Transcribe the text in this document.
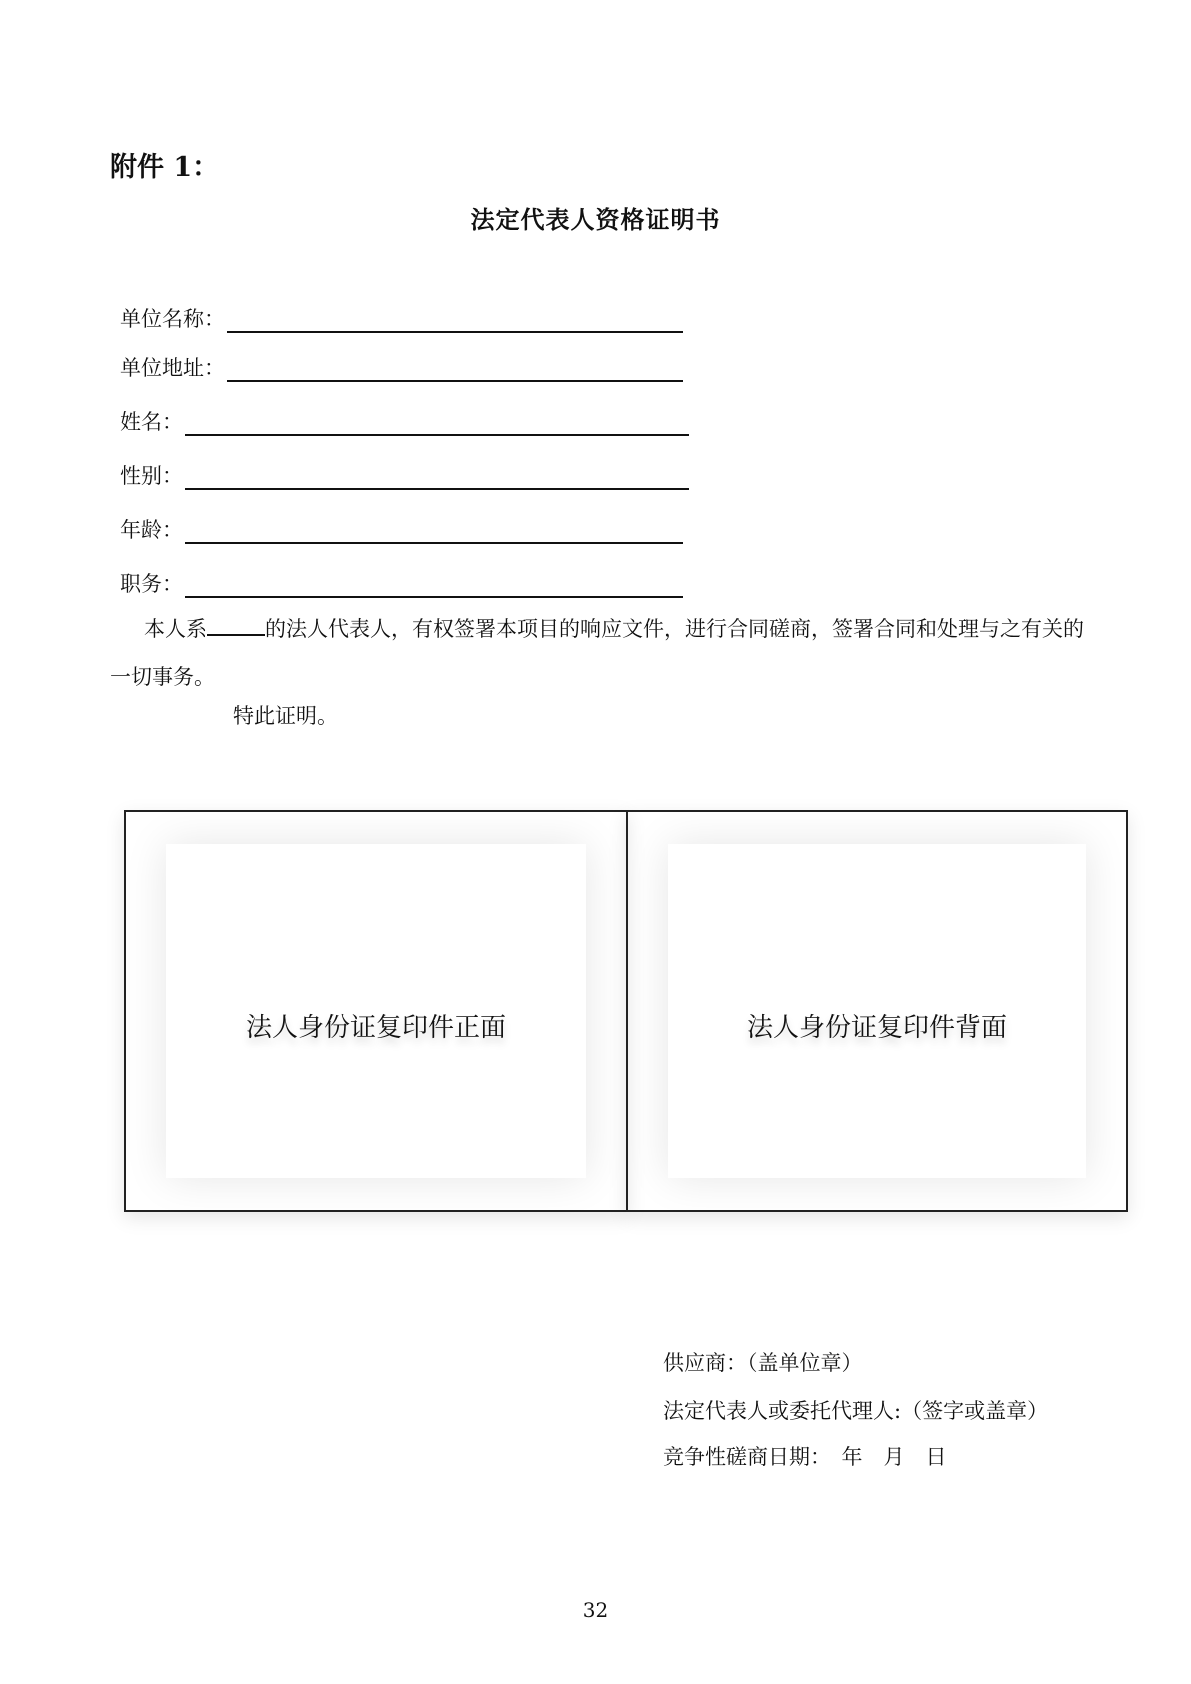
附件 1：
法定代表人资格证明书
单位名称：
单位地址：
姓名：
性别：
年龄：
职务：
本人系	的法人代表人，有权签署本项目的响应文件，进行合同磋商，签署合同和处理与之有关的一切事务。
特此证明。
法人身份证复印件正面	法人身份证复印件背面
供应商：（盖单位章）
法定代表人或委托代理人:（签字或盖章）
竞争性磋商日期：　年　月　日
32
